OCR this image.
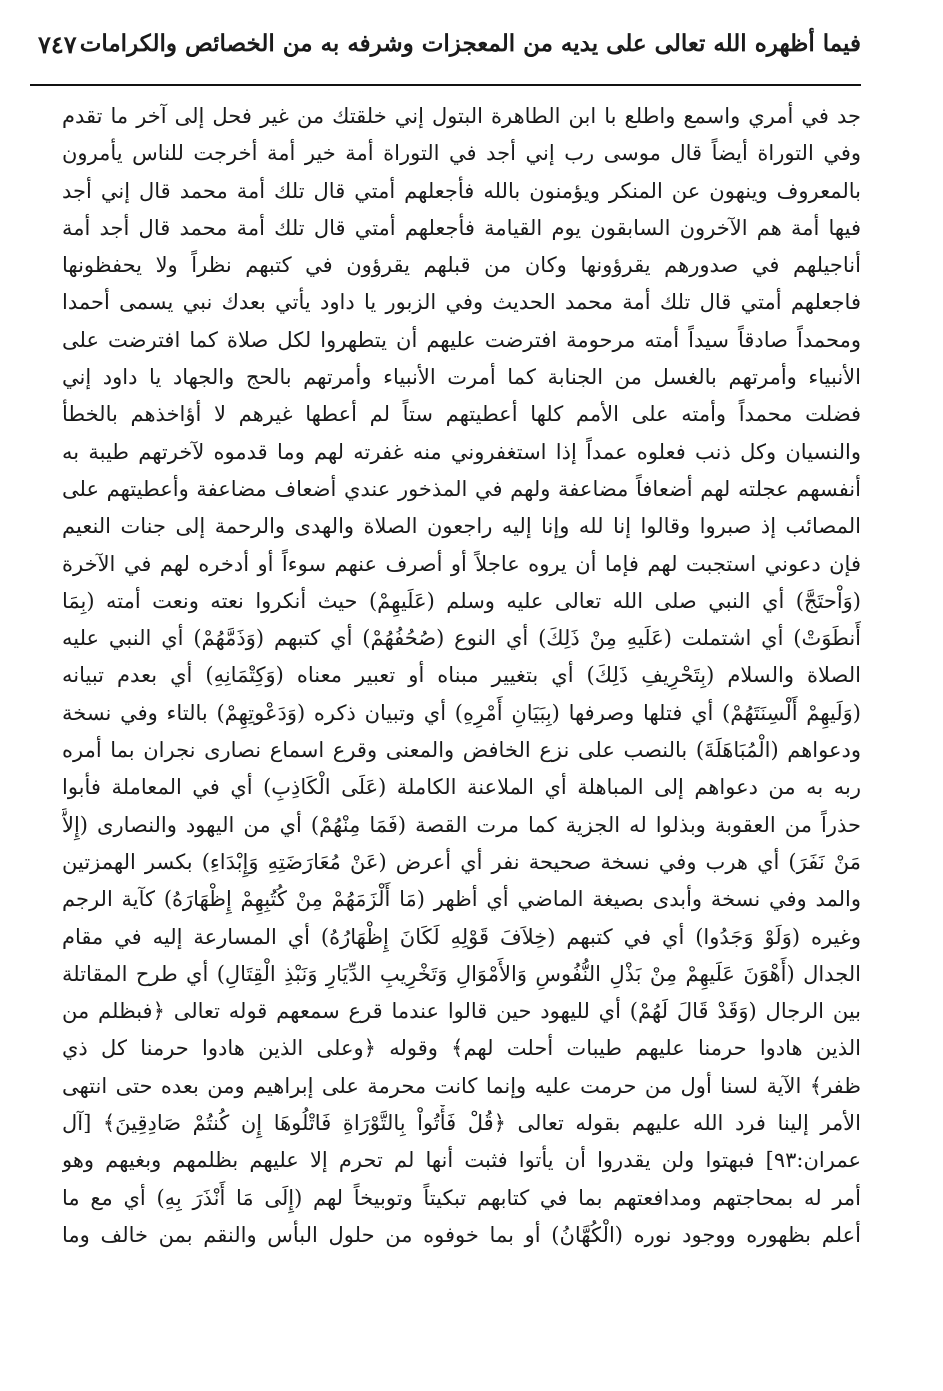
فيما أظهره الله تعالى على يديه من المعجزات وشرفه به من الخصائص والكرامات
٧٤٧
جد في أمري واسمع واطلع با ابن الطاهرة البتول إني خلقتك من غير فحل إلى آخر ما تقدم
وفي التوراة أيضاً قال موسى رب إني أجد في التوراة أمة خير أمة أخرجت للناس يأمرون
بالمعروف وينهون عن المنكر ويؤمنون بالله فأجعلهم أمتي قال تلك أمة محمد قال إني أجد
فيها أمة هم الآخرون السابقون يوم القيامة فأجعلهم أمتي قال تلك أمة محمد قال أجد أمة
أناجيلهم في صدورهم يقرؤونها وكان من قبلهم يقرؤون في كتبهم نظراً ولا يحفظونها
فاجعلهم أمتي قال تلك أمة محمد الحديث وفي الزبور يا داود يأتي بعدك نبي يسمى أحمدا
ومحمداً صادقاً سيداً أمته مرحومة افترضت عليهم أن يتطهروا لكل صلاة كما افترضت على
الأنبياء وأمرتهم بالغسل من الجنابة كما أمرت الأنبياء وأمرتهم بالحج والجهاد يا داود إني
فضلت محمداً وأمته على الأمم كلها أعطيتهم ستاً لم أعطها غيرهم لا أؤاخذهم بالخطأ
والنسيان وكل ذنب فعلوه عمداً إذا استغفروني منه غفرته لهم وما قدموه لآخرتهم طيبة به
أنفسهم عجلته لهم أضعافاً مضاعفة ولهم في المذخور عندي أضعاف مضاعفة وأعطيتهم على
المصائب إذ صبروا وقالوا إنا لله وإنا إليه راجعون الصلاة والهدى والرحمة إلى جنات النعيم
فإن دعوني استجبت لهم فإما أن يروه عاجلاً أو أصرف عنهم سوءاً أو أدخره لهم في الآخرة
(وَاْحتَجَّ) أي النبي صلى الله تعالى عليه وسلم (عَلَيهِمْ) حيث أنكروا نعته ونعت أمته (بِمَا
أَنطَوَتْ) أي اشتملت (عَلَيهِ مِنْ ذَلِكَ) أي النوع (صُحُفُهُمْ) أي كتبهم (وَذَمَّهُمْ) أي النبي عليه
الصلاة والسلام (بِتَحْرِيفِ ذَلِكَ) أي بتغيير مبناه أو تعبير معناه (وَكِتْمَانِهِ) أي بعدم تبيانه
(وَلَيهِمْ أَلْسِنَتَهُمْ) أي فتلها وصرفها (بِبَيَانِ أَمْرِهِ) أي وتبيان ذكره (وَدَعْوتِهِمْ) بالتاء وفي نسخة
ودعواهم (الْمُبَاهَلَةَ) بالنصب على نزع الخافض والمعنى وقرع اسماع نصارى نجران بما أمره
ربه به من دعواهم إلى المباهلة أي الملاعنة الكاملة (عَلَى الْكَاذِبِ) أي في المعاملة فأبوا
حذراً من العقوبة وبذلوا له الجزية كما مرت القصة (فَمَا مِنْهُمْ) أي من اليهود والنصارى (إِلاَّ
مَنْ نَفَرَ) أي هرب وفي نسخة صحيحة نفر أي أعرض (عَنْ مُعَارَضَتِهِ وَإِبْدَاءِ) بكسر الهمزتين
والمد وفي نسخة وأبدى بصيغة الماضي أي أظهر (مَا أَلْزَمَهُمْ مِنْ كُتُبِهِمْ إِظْهَارَهُ) كآية الرجم
وغيره (وَلَوْ وَجَدُوا) أي في كتبهم (خِلاَفَ قَوْلِهِ لَكَانَ إِظْهَارُهُ) أي المسارعة إليه في مقام
الجدال (أَهْوَنَ عَلَيهِمْ مِنْ بَذْلِ النُّفُوسِ وَالأَمْوَالِ وَتَخْرِيبِ الدِّيَارِ وَنَبْذِ الْقِتَالِ) أي طرح المقاتلة
بين الرجال (وَقَدْ قَالَ لَهُمْ) أي لليهود حين قالوا عندما قرع سمعهم قوله تعالى ﴿فبظلم من
الذين هادوا حرمنا عليهم طيبات أحلت لهم﴾ وقوله ﴿وعلى الذين هادوا حرمنا كل ذي
ظفر﴾ الآية لسنا أول من حرمت عليه وإنما كانت محرمة على إبراهيم ومن بعده حتى انتهى
الأمر إلينا فرد الله عليهم بقوله تعالى ﴿قُلْ فَأْتُواْ بِالتَّوْرَاةِ فَاتْلُوهَا إِن كُنتُمْ صَادِقِينَ﴾ [آل
عمران:٩٣] فبهتوا ولن يقدروا أن يأتوا فثبت أنها لم تحرم إلا عليهم بظلمهم وبغيهم وهو
أمر له بمحاجتهم ومدافعتهم بما في كتابهم تبكيتاً وتوبيخاً لهم (إِلَى مَا أَنْذَرَ بِهِ) أي مع ما
أعلم بظهوره ووجود نوره (الْكُهَّانُ) أو بما خوفوه من حلول البأس والنقم بمن خالف وما
